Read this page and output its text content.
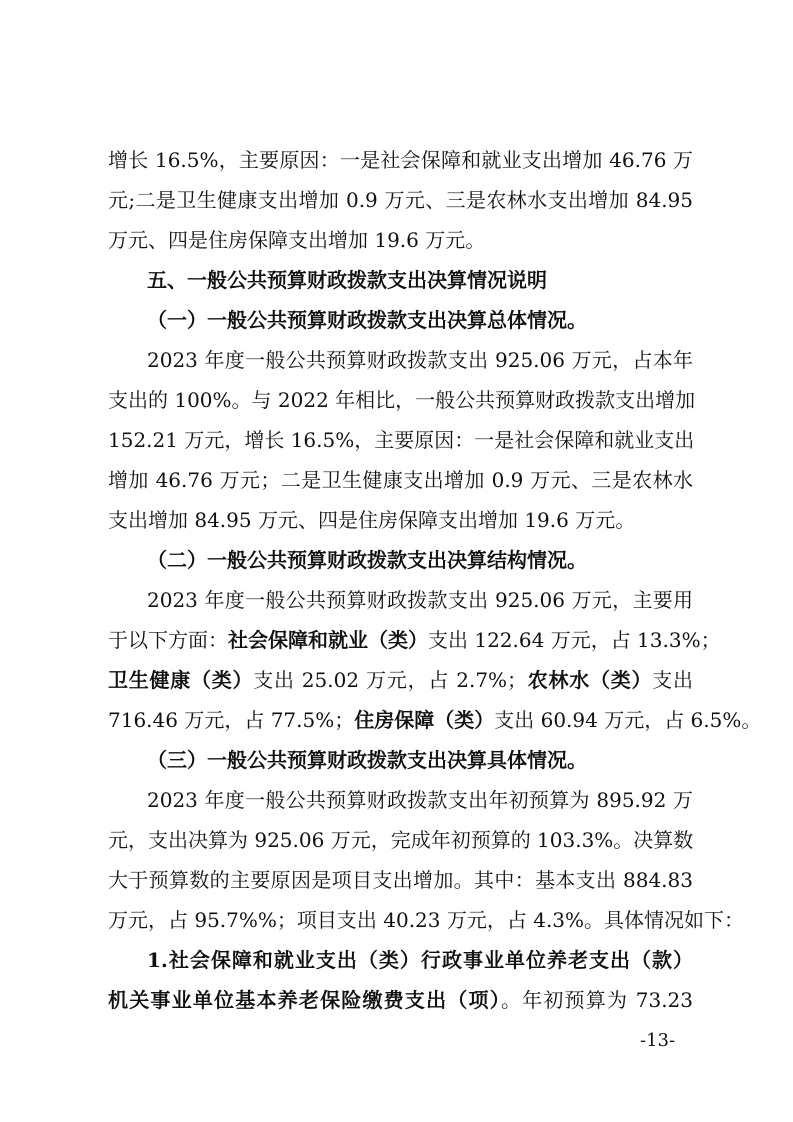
增长 16.5%，主要原因：一是社会保障和就业支出增加 46.76 万
元;二是卫生健康支出增加 0.9 万元、三是农林水支出增加 84.95
万元、四是住房保障支出增加 19.6 万元。
五、一般公共预算财政拨款支出决算情况说明
（一）一般公共预算财政拨款支出决算总体情况。
2023 年度一般公共预算财政拨款支出 925.06 万元，占本年
支出的 100%。与 2022 年相比，一般公共预算财政拨款支出增加
152.21 万元，增长 16.5%，主要原因：一是社会保障和就业支出
增加 46.76 万元；二是卫生健康支出增加 0.9 万元、三是农林水
支出增加 84.95 万元、四是住房保障支出增加 19.6 万元。
（二）一般公共预算财政拨款支出决算结构情况。
2023 年度一般公共预算财政拨款支出 925.06 万元，主要用
于以下方面：社会保障和就业（类）支出 122.64 万元，占 13.3%；
卫生健康（类）支出 25.02 万元，占 2.7%；农林水（类）支出
716.46 万元，占 77.5%；住房保障（类）支出 60.94 万元，占 6.5%。
（三）一般公共预算财政拨款支出决算具体情况。
2023 年度一般公共预算财政拨款支出年初预算为 895.92 万
元，支出决算为 925.06 万元，完成年初预算的 103.3%。决算数
大于预算数的主要原因是项目支出增加。其中：基本支出 884.83
万元，占 95.7%%；项目支出 40.23 万元，占 4.3%。具体情况如下：
1.社会保障和就业支出（类）行政事业单位养老支出（款）
机关事业单位基本养老保险缴费支出（项）。年初预算为 73.23
-13-
